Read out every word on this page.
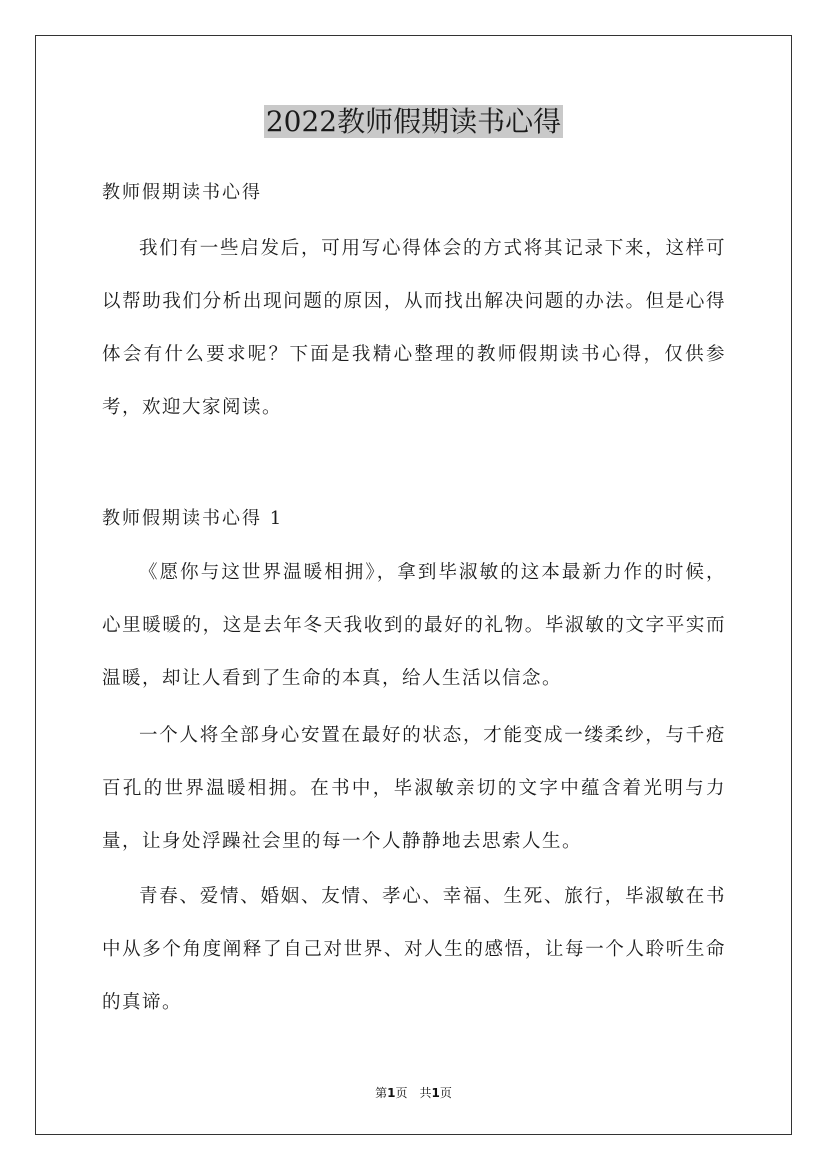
2022教师假期读书心得

教师假期读书心得

我们有一些启发后，可用写心得体会的方式将其记录下来，这样可以帮助我们分析出现问题的原因，从而找出解决问题的办法。但是心得体会有什么要求呢？下面是我精心整理的教师假期读书心得，仅供参考，欢迎大家阅读。

教师假期读书心得 1

《愿你与这世界温暖相拥》，拿到毕淑敏的这本最新力作的时候，心里暖暖的，这是去年冬天我收到的最好的礼物。毕淑敏的文字平实而温暖，却让人看到了生命的本真，给人生活以信念。

一个人将全部身心安置在最好的状态，才能变成一缕柔纱，与千疮百孔的世界温暖相拥。在书中，毕淑敏亲切的文字中蕴含着光明与力量，让身处浮躁社会里的每一个人静静地去思索人生。

青春、爱情、婚姻、友情、孝心、幸福、生死、旅行，毕淑敏在书中从多个角度阐释了自己对世界、对人生的感悟，让每一个人聆听生命的真谛。

第1页　共1页
